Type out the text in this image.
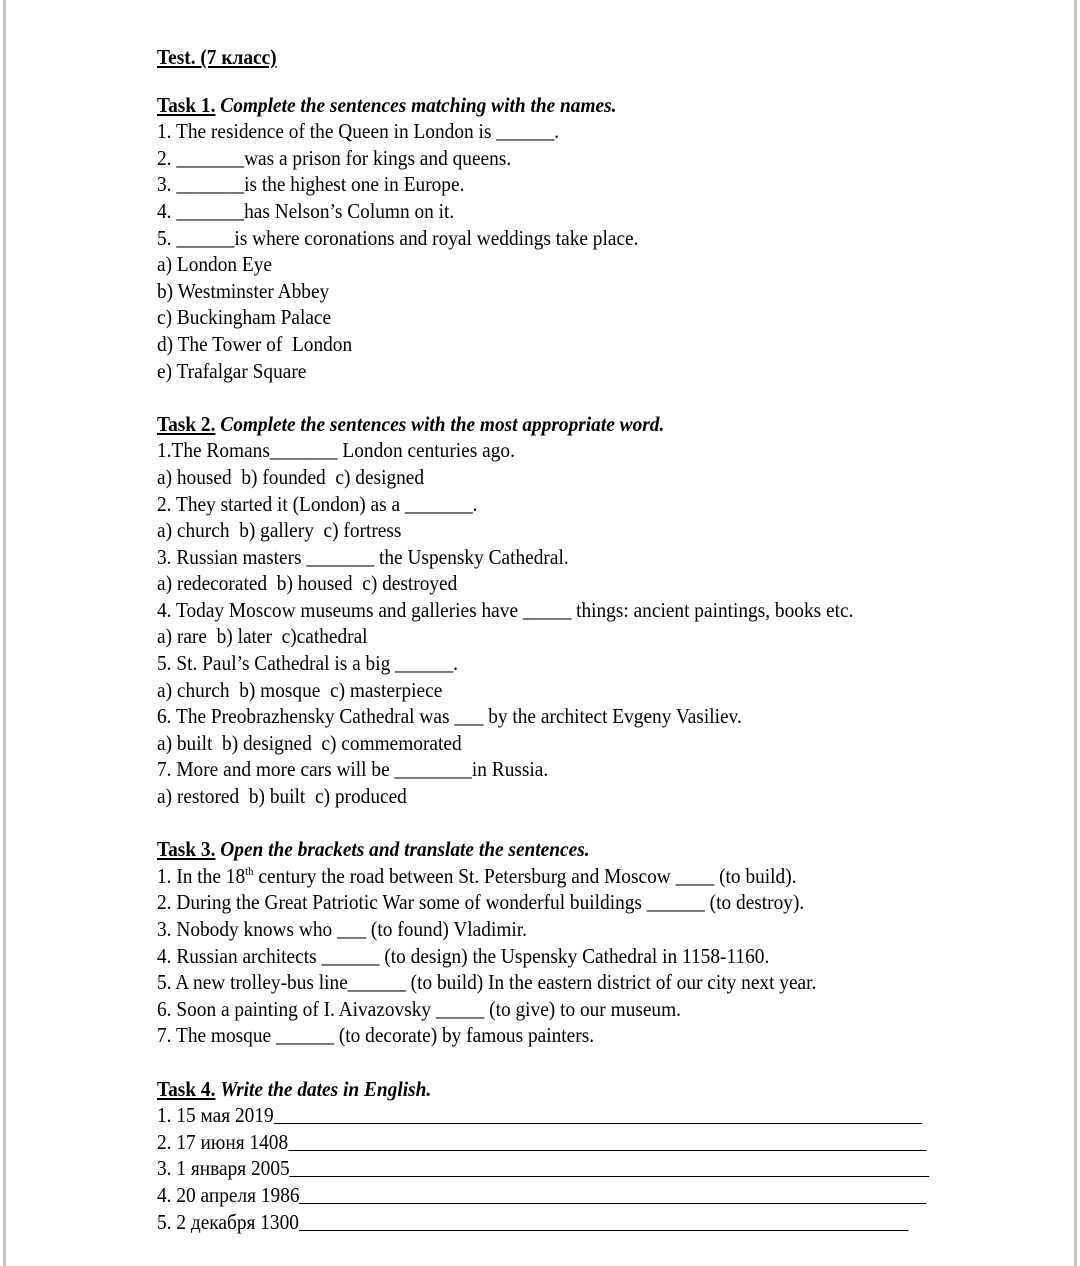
Test. (7 класс)
Task 1. Complete the sentences matching with the names.
1. The residence of the Queen in London is ______.
2. _______was a prison for kings and queens.
3. _______is the highest one in Europe.
4. _______has Nelson’s Column on it.
5. ______is where coronations and royal weddings take place.
a) London Eye
b) Westminster Abbey
c) Buckingham Palace
d) The Tower of  London
e) Trafalgar Square
Task 2. Complete the sentences with the most appropriate word.
1.The Romans_______ London centuries ago.
a) housed  b) founded  c) designed
2. They started it (London) as a _______.
a) church  b) gallery  c) fortress
3. Russian masters _______ the Uspensky Cathedral.
a) redecorated  b) housed  c) destroyed
4. Today Moscow museums and galleries have _____ things: ancient paintings, books etc.
a) rare  b) later  c)cathedral
5. St. Paul’s Cathedral is a big ______.
a) church  b) mosque  c) masterpiece
6. The Preobrazhensky Cathedral was ___ by the architect Evgeny Vasiliev.
a) built  b) designed  c) commemorated
7. More and more cars will be ________in Russia.
a) restored  b) built  c) produced
Task 3. Open the brackets and translate the sentences.
1. In the 18th century the road between St. Petersburg and Moscow ____ (to build).
2. During the Great Patriotic War some of wonderful buildings ______ (to destroy).
3. Nobody knows who ___ (to found) Vladimir.
4. Russian architects ______ (to design) the Uspensky Cathedral in 1158-1160.
5. A new trolley-bus line______ (to build) In the eastern district of our city next year.
6. Soon a painting of I. Aivazovsky _____ (to give) to our museum.
7. The mosque ______ (to decorate) by famous painters.
Task 4. Write the dates in English.
1. 15 мая 2019
2. 17 июня 1408
3. 1 января 2005
4. 20 апреля 1986
5. 2 декабря 1300
